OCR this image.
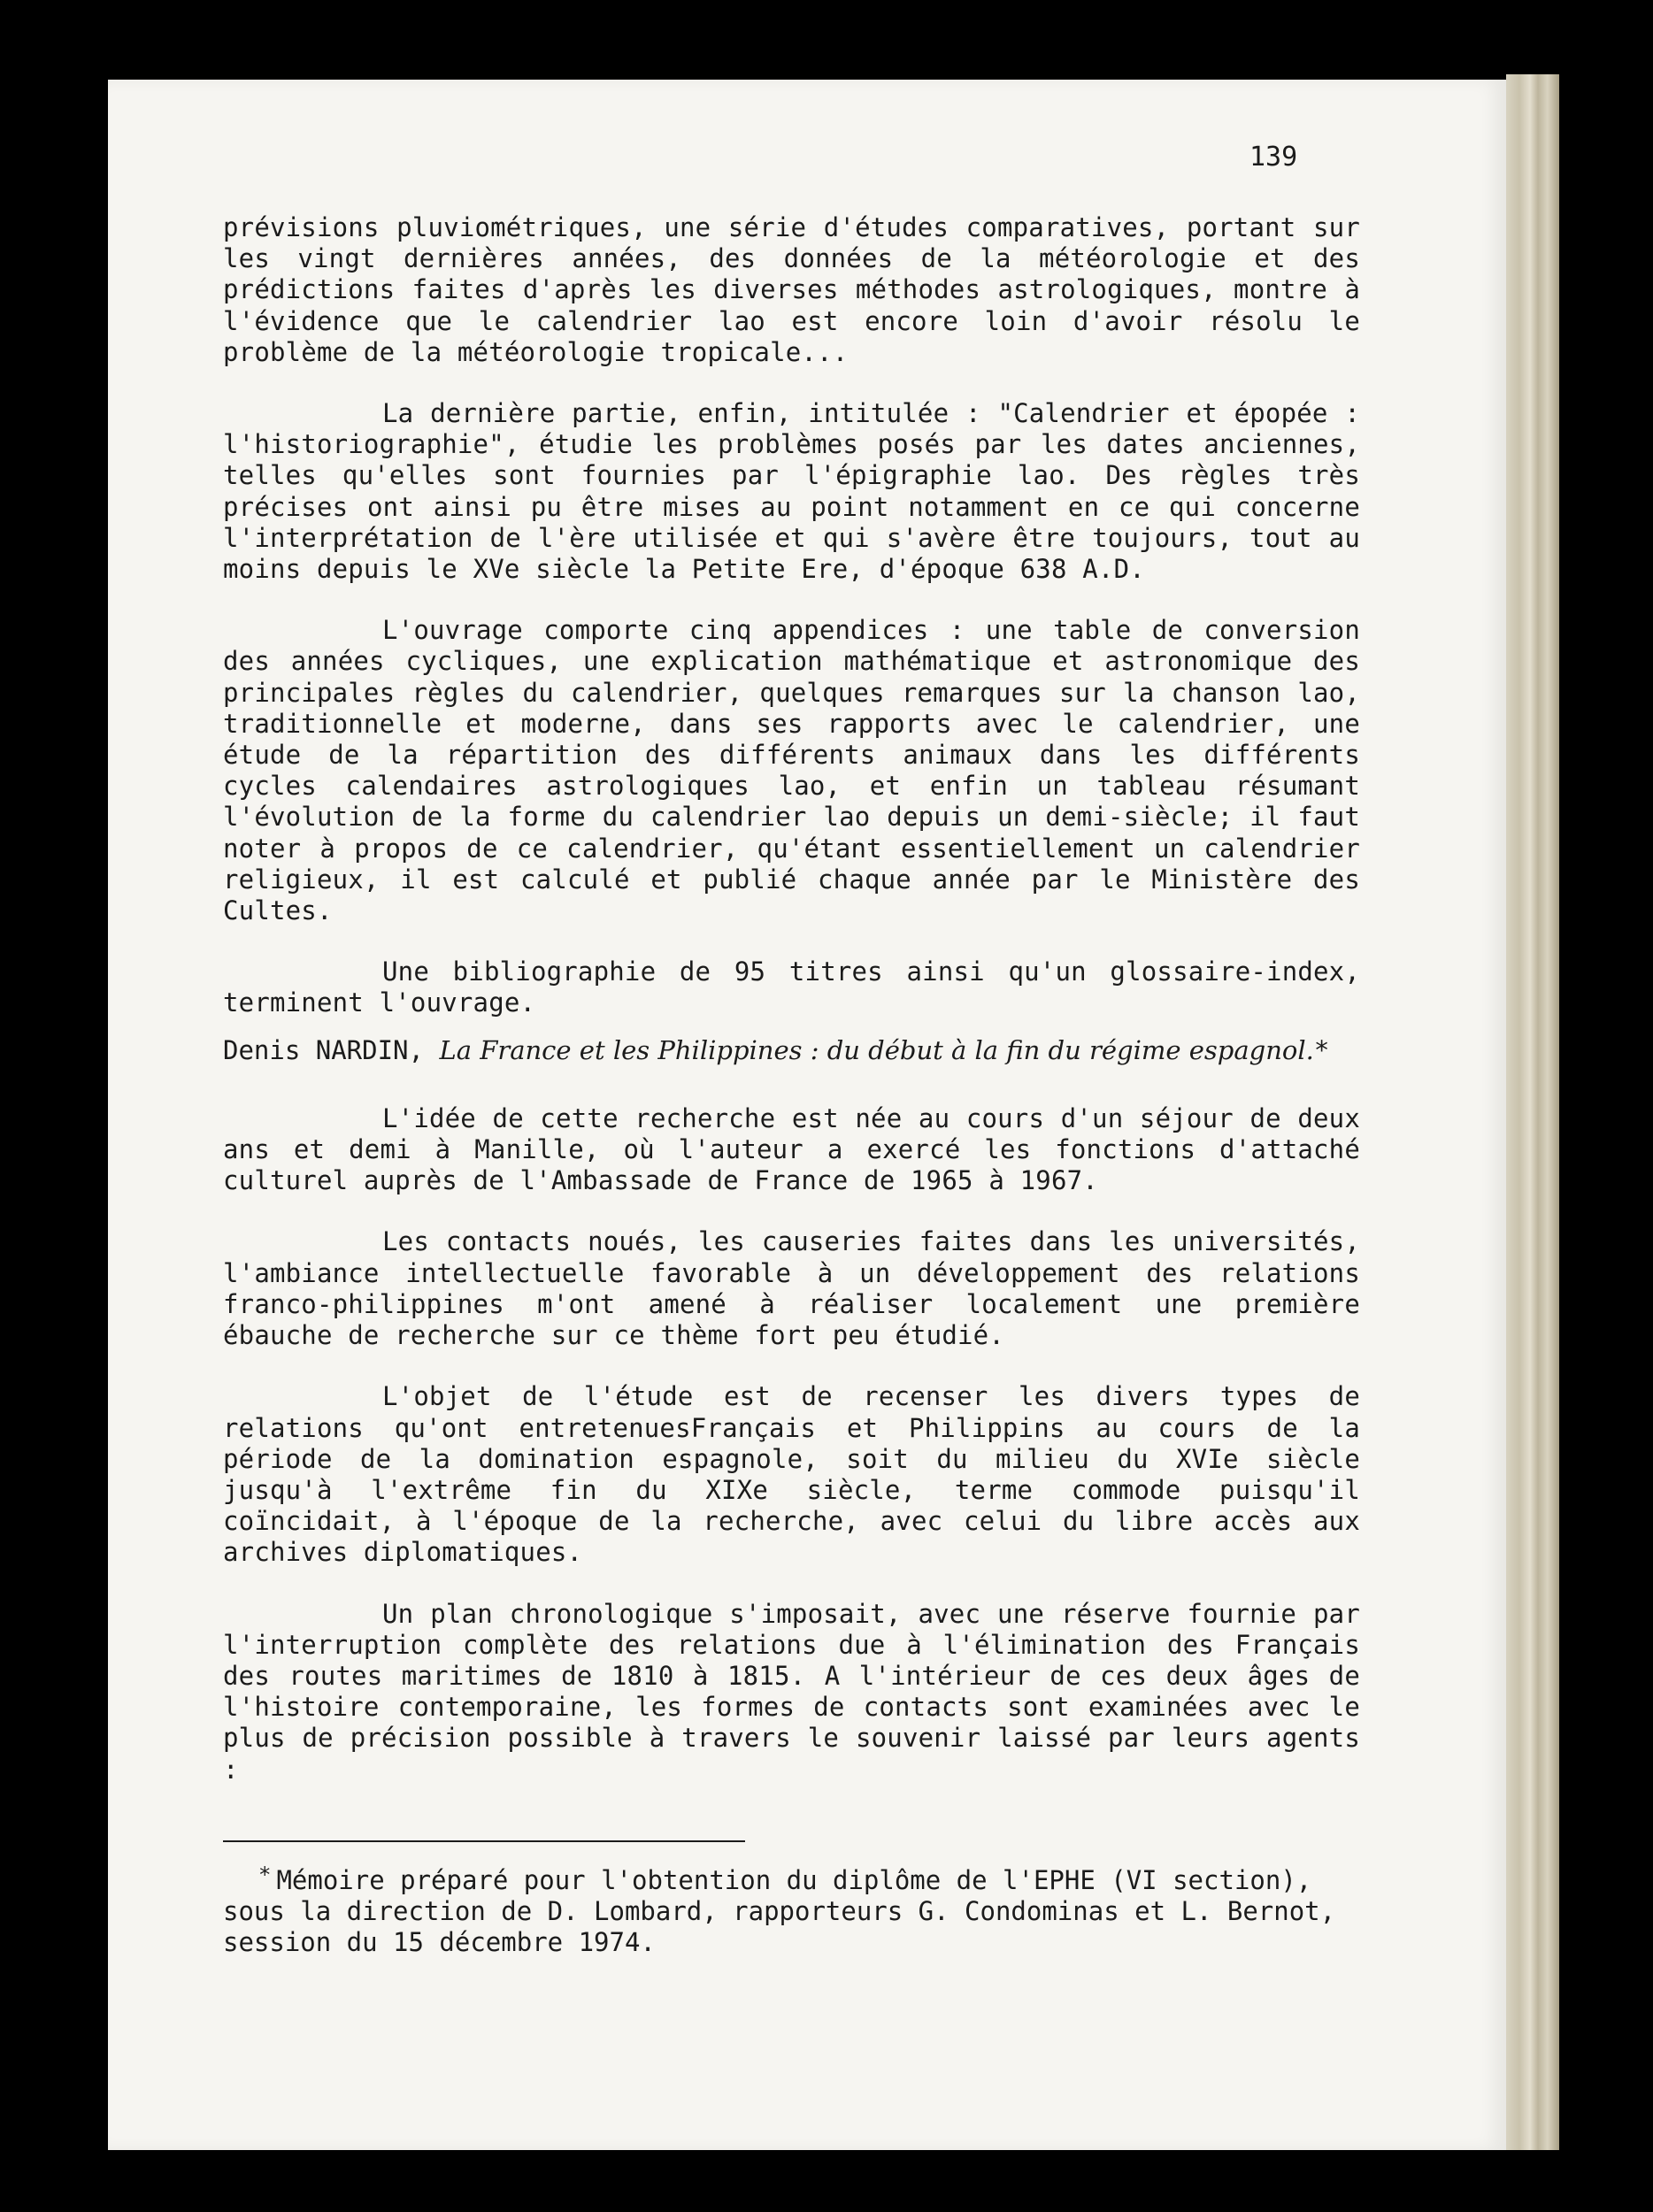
139

prévisions pluviométriques, une série d'études comparatives, portant sur les vingt dernières années, des données de la météorologie et des prédictions faites d'après les diverses méthodes astrologiques, montre à l'évidence que le calendrier lao est encore loin d'avoir résolu le problème de la météorologie tropicale...

La dernière partie, enfin, intitulée : "Calendrier et épopée : l'historiographie", étudie les problèmes posés par les dates anciennes, telles qu'elles sont fournies par l'épigraphie lao. Des règles très précises ont ainsi pu être mises au point notamment en ce qui concerne l'interprétation de l'ère utilisée et qui s'avère être toujours, tout au moins depuis le XVe siècle la Petite Ere, d'époque 638 A.D.

L'ouvrage comporte cinq appendices : une table de conversion des années cycliques, une explication mathématique et astronomique des principales règles du calendrier, quelques remarques sur la chanson lao, traditionnelle et moderne, dans ses rapports avec le calendrier, une étude de la répartition des différents animaux dans les différents cycles calendaires astrologiques lao, et enfin un tableau résumant l'évolution de la forme du calendrier lao depuis un demi-siècle; il faut noter à propos de ce calendrier, qu'étant essentiellement un calendrier religieux, il est calculé et publié chaque année par le Ministère des Cultes.

Une bibliographie de 95 titres ainsi qu'un glossaire-index, terminent l'ouvrage.

Denis NARDIN, La France et les Philippines : du début à la fin du régime espagnol.*

L'idée de cette recherche est née au cours d'un séjour de deux ans et demi à Manille, où l'auteur a exercé les fonctions d'attaché culturel auprès de l'Ambassade de France de 1965 à 1967.

Les contacts noués, les causeries faites dans les universités, l'ambiance intellectuelle favorable à un développement des relations franco-philippines m'ont amené à réaliser localement une première ébauche de recherche sur ce thème fort peu étudié.

L'objet de l'étude est de recenser les divers types de relations qu'ont entretenuesFrançais et Philippins au cours de la période de la domination espagnole, soit du milieu du XVIe siècle jusqu'à l'extrême fin du XIXe siècle, terme commode puisqu'il coïncidait, à l'époque de la recherche, avec celui du libre accès aux archives diplomatiques.

Un plan chronologique s'imposait, avec une réserve fournie par l'interruption complète des relations due à l'élimination des Français des routes maritimes de 1810 à 1815. A l'intérieur de ces deux âges de l'histoire contemporaine, les formes de contacts sont examinées avec le plus de précision possible à travers le souvenir laissé par leurs agents :

* Mémoire préparé pour l'obtention du diplôme de l'EPHE (VI section),
sous la direction de D. Lombard, rapporteurs G. Condominas et L. Bernot,
session du 15 décembre 1974.
